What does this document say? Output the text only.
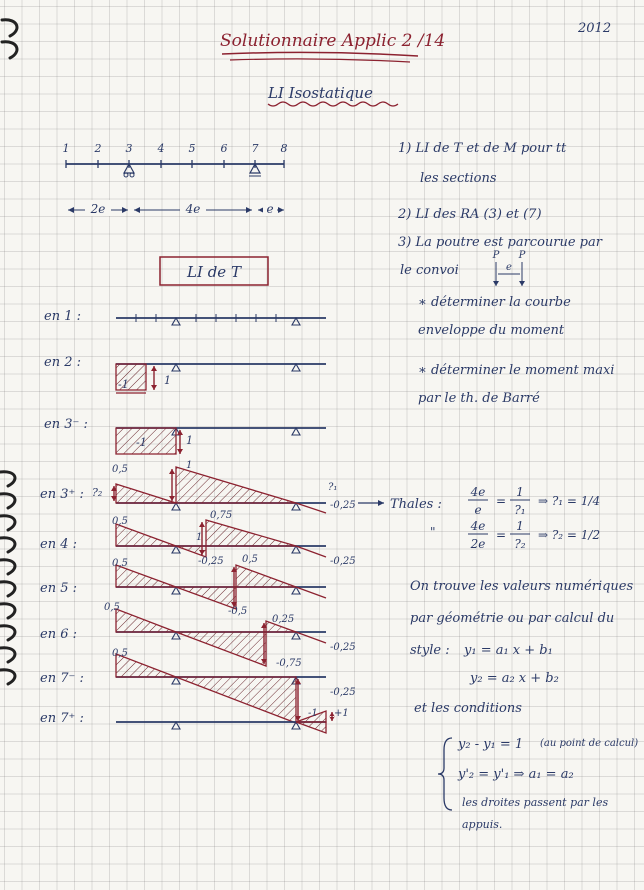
Solutionnaire Applic 2 /14
2012
LI Isostatique
1 2 3 4 5 6 7 8
2e	4e	e
LI de T
1) LI de T et de M pour tt
les sections
2) LI des RA (3) et (7)
3) La poutre est parcourue par
le convoi
P
e
P
∗ déterminer la courbe
enveloppe du moment
∗ déterminer le moment maxi
par le th. de Barré
en 1 :
en 2 :
en 3⁻ :
en 3⁺ :
en 4 :
en 5 :
en 6 :
en 7⁻ :
en 7⁺ :
-1	1
-1	1
0,5	1
?₂	?₁
-0,25
0,5
0,75
1
-0,25	-0,25
0,5	0,5
-0,5
0,5
0,25
-0,75
-0,25
0,5
-0,25
-1 +1
Thales :
4e
e
=
1
?₁
⇒ ?₁ = 1/4
"	4e
2e
=
1
?₂
⇒ ?₂ = 1/2
On trouve les valeurs numériques
par géométrie ou par calcul du
style : y₁ = a₁ x + b₁
y₂ = a₂ x + b₂
et les conditions
y₂ - y₁ = 1 (au point de calcul)
y'₂ = y'₁ ⇒ a₁ = a₂
les droites passent par les
appuis.
